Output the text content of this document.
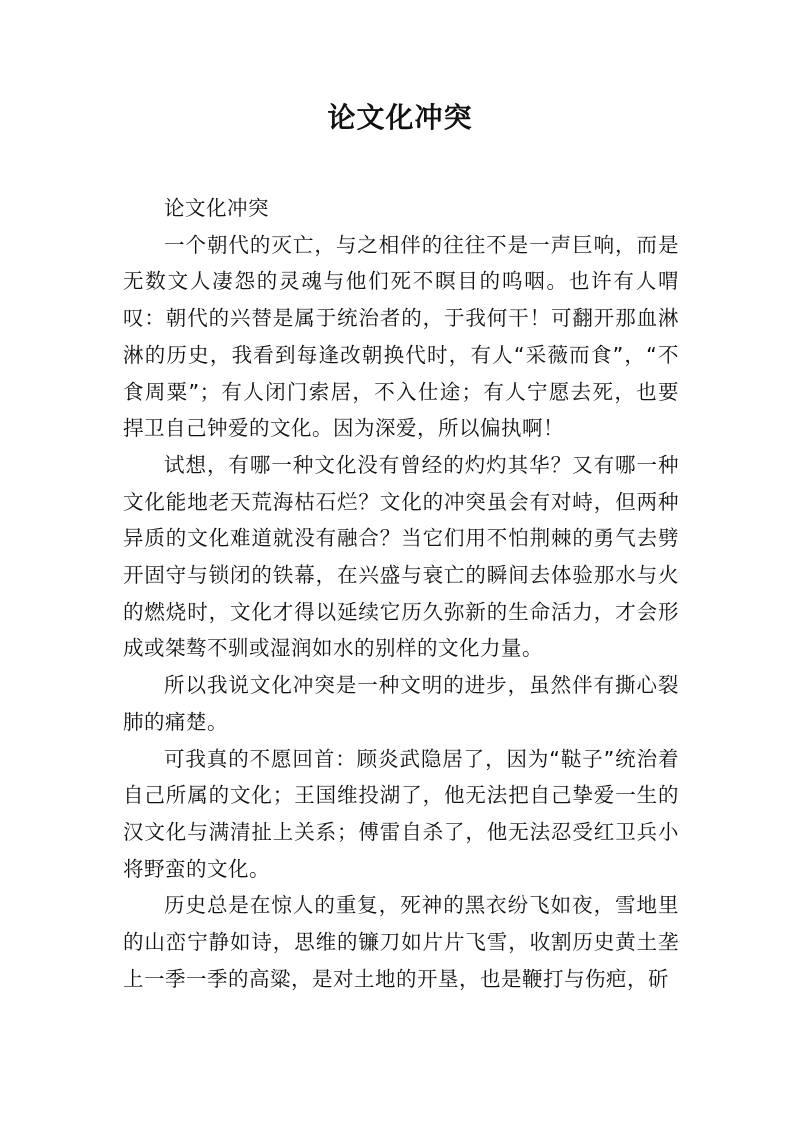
论文化冲突

论文化冲突

一个朝代的灭亡，与之相伴的往往不是一声巨响，而是无数文人凄怨的灵魂与他们死不瞑目的呜咽。也许有人喟叹：朝代的兴替是属于统治者的，于我何干！可翻开那血淋淋的历史，我看到每逢改朝换代时，有人“采薇而食”，“不食周粟”；有人闭门索居，不入仕途；有人宁愿去死，也要捍卫自己钟爱的文化。因为深爱，所以偏执啊！

试想，有哪一种文化没有曾经的灼灼其华？又有哪一种文化能地老天荒海枯石烂？文化的冲突虽会有对峙，但两种异质的文化难道就没有融合？当它们用不怕荆棘的勇气去劈开固守与锁闭的铁幕，在兴盛与衰亡的瞬间去体验那水与火的燃烧时，文化才得以延续它历久弥新的生命活力，才会形成或桀骜不驯或湿润如水的别样的文化力量。

所以我说文化冲突是一种文明的进步，虽然伴有撕心裂肺的痛楚。

可我真的不愿回首：顾炎武隐居了，因为“鞑子”统治着自己所属的文化；王国维投湖了，他无法把自己挚爱一生的汉文化与满清扯上关系；傅雷自杀了，他无法忍受红卫兵小将野蛮的文化。

历史总是在惊人的重复，死神的黑衣纷飞如夜，雪地里的山峦宁静如诗，思维的镰刀如片片飞雪，收割历史黄土垄上一季一季的高粱，是对土地的开垦，也是鞭打与伤疤，斫
